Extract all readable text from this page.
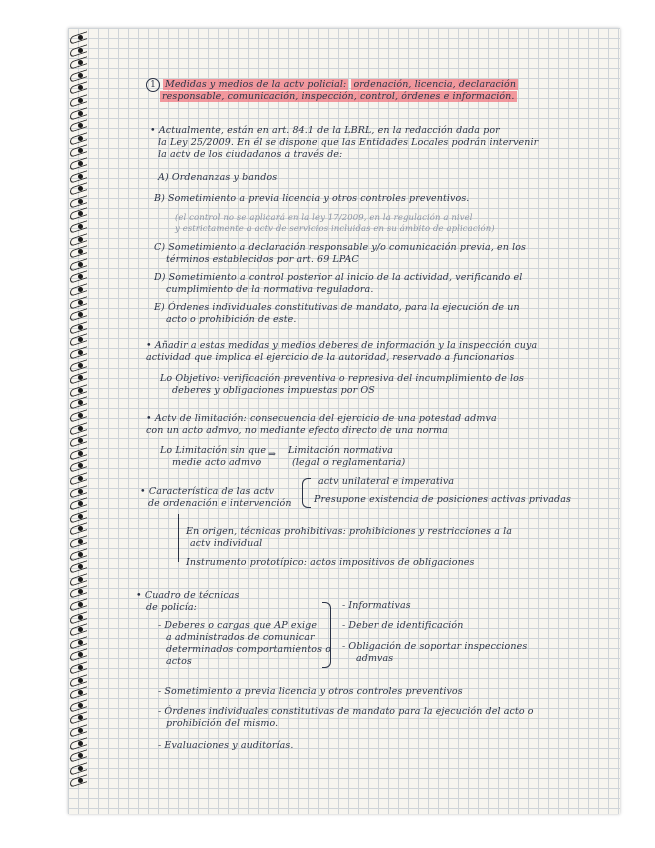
1 Medidas y medios de la actv policial: ordenación, licencia, declaración
responsable, comunicación, inspección, control, órdenes e información.
• Actualmente, están en art. 84.1 de la LBRL, en la redacción dada por
la Ley 25/2009. En él se dispone que las Entidades Locales podrán intervenir
la actv de los ciudadanos a través de:
A) Ordenanzas y bandos
B) Sometimiento a previa licencia y otros controles preventivos.
(el control no se aplicará en la ley 17/2009, en la regulación a nivel
y estrictamente a actv de servicios incluidas en su ámbito de aplicación)
C) Sometimiento a declaración responsable y/o comunicación previa, en los
términos establecidos por art. 69 LPAC
D) Sometimiento a control posterior al inicio de la actividad, verificando el
cumplimiento de la normativa reguladora.
E) Órdenes individuales constitutivas de mandato, para la ejecución de un
acto o prohibición de este.
• Añadir a estas medidas y medios deberes de información y la inspección cuya
actividad que implica el ejercicio de la autoridad, reservado a funcionarios
Lo Objetivo: verificación preventiva o represiva del incumplimiento de los
deberes y obligaciones impuestas por OS
• Actv de limitación: consecuencia del ejercicio de una potestad admva
con un acto admvo, no mediante efecto directo de una norma
Lo Limitación sin que
medie acto admvo
⇒ Limitación normativa
(legal o reglamentaria)
• Característica de las actv
de ordenación e intervención
actv unilateral e imperativa
Presupone existencia de posiciones activas privadas
En origen, técnicas prohibitivas: prohibiciones y restricciones a la
actv individual
Instrumento prototípico: actos impositivos de obligaciones
• Cuadro de técnicas
de policía:
- Deberes o cargas que AP exige
a administrados de comunicar
determinados comportamientos o
actos
- Informativas
- Deber de identificación
- Obligación de soportar inspecciones
admvas
- Sometimiento a previa licencia y otros controles preventivos
- Órdenes individuales constitutivas de mandato para la ejecución del acto o
prohibición del mismo.
- Evaluaciones y auditorías.
